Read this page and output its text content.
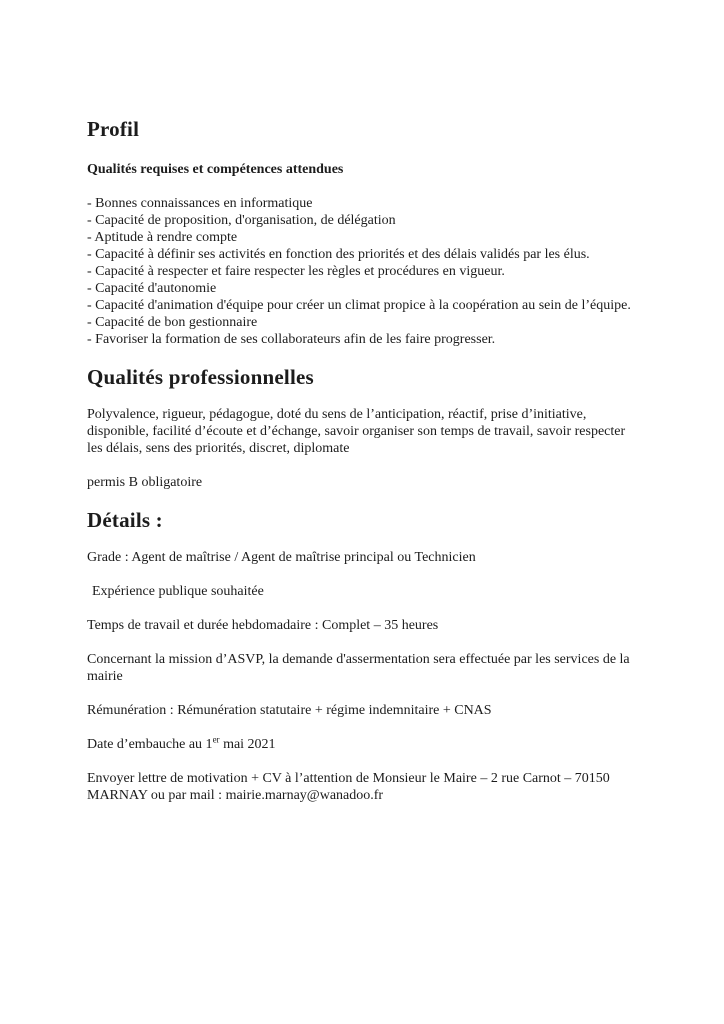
Profil

Qualités requises et compétences attendues

- Bonnes connaissances en informatique
- Capacité de proposition, d'organisation, de délégation
- Aptitude à rendre compte
- Capacité à définir ses activités en fonction des priorités et des délais validés par les élus.
- Capacité à respecter et faire respecter les règles et procédures en vigueur.
- Capacité d'autonomie
- Capacité d'animation d'équipe pour créer un climat propice à la coopération au sein de l’équipe.
- Capacité de bon gestionnaire
- Favoriser la formation de ses collaborateurs afin de les faire progresser.
Qualités professionnelles

Polyvalence, rigueur, pédagogue, doté du sens de l’anticipation, réactif, prise d’initiative, disponible, facilité d’écoute et d’échange, savoir organiser son temps de travail, savoir respecter les délais, sens des priorités, discret, diplomate

permis B obligatoire

Détails :

Grade : Agent de maîtrise / Agent de maîtrise principal ou Technicien

Expérience publique souhaitée

Temps de travail et durée hebdomadaire : Complet – 35 heures

Concernant la mission d’ASVP, la demande d'assermentation sera effectuée par les services de la mairie

Rémunération : Rémunération statutaire + régime indemnitaire + CNAS

Date d’embauche au 1er mai 2021

Envoyer lettre de motivation + CV à l’attention de Monsieur le Maire – 2 rue Carnot – 70150 MARNAY ou par mail : mairie.marnay@wanadoo.fr
